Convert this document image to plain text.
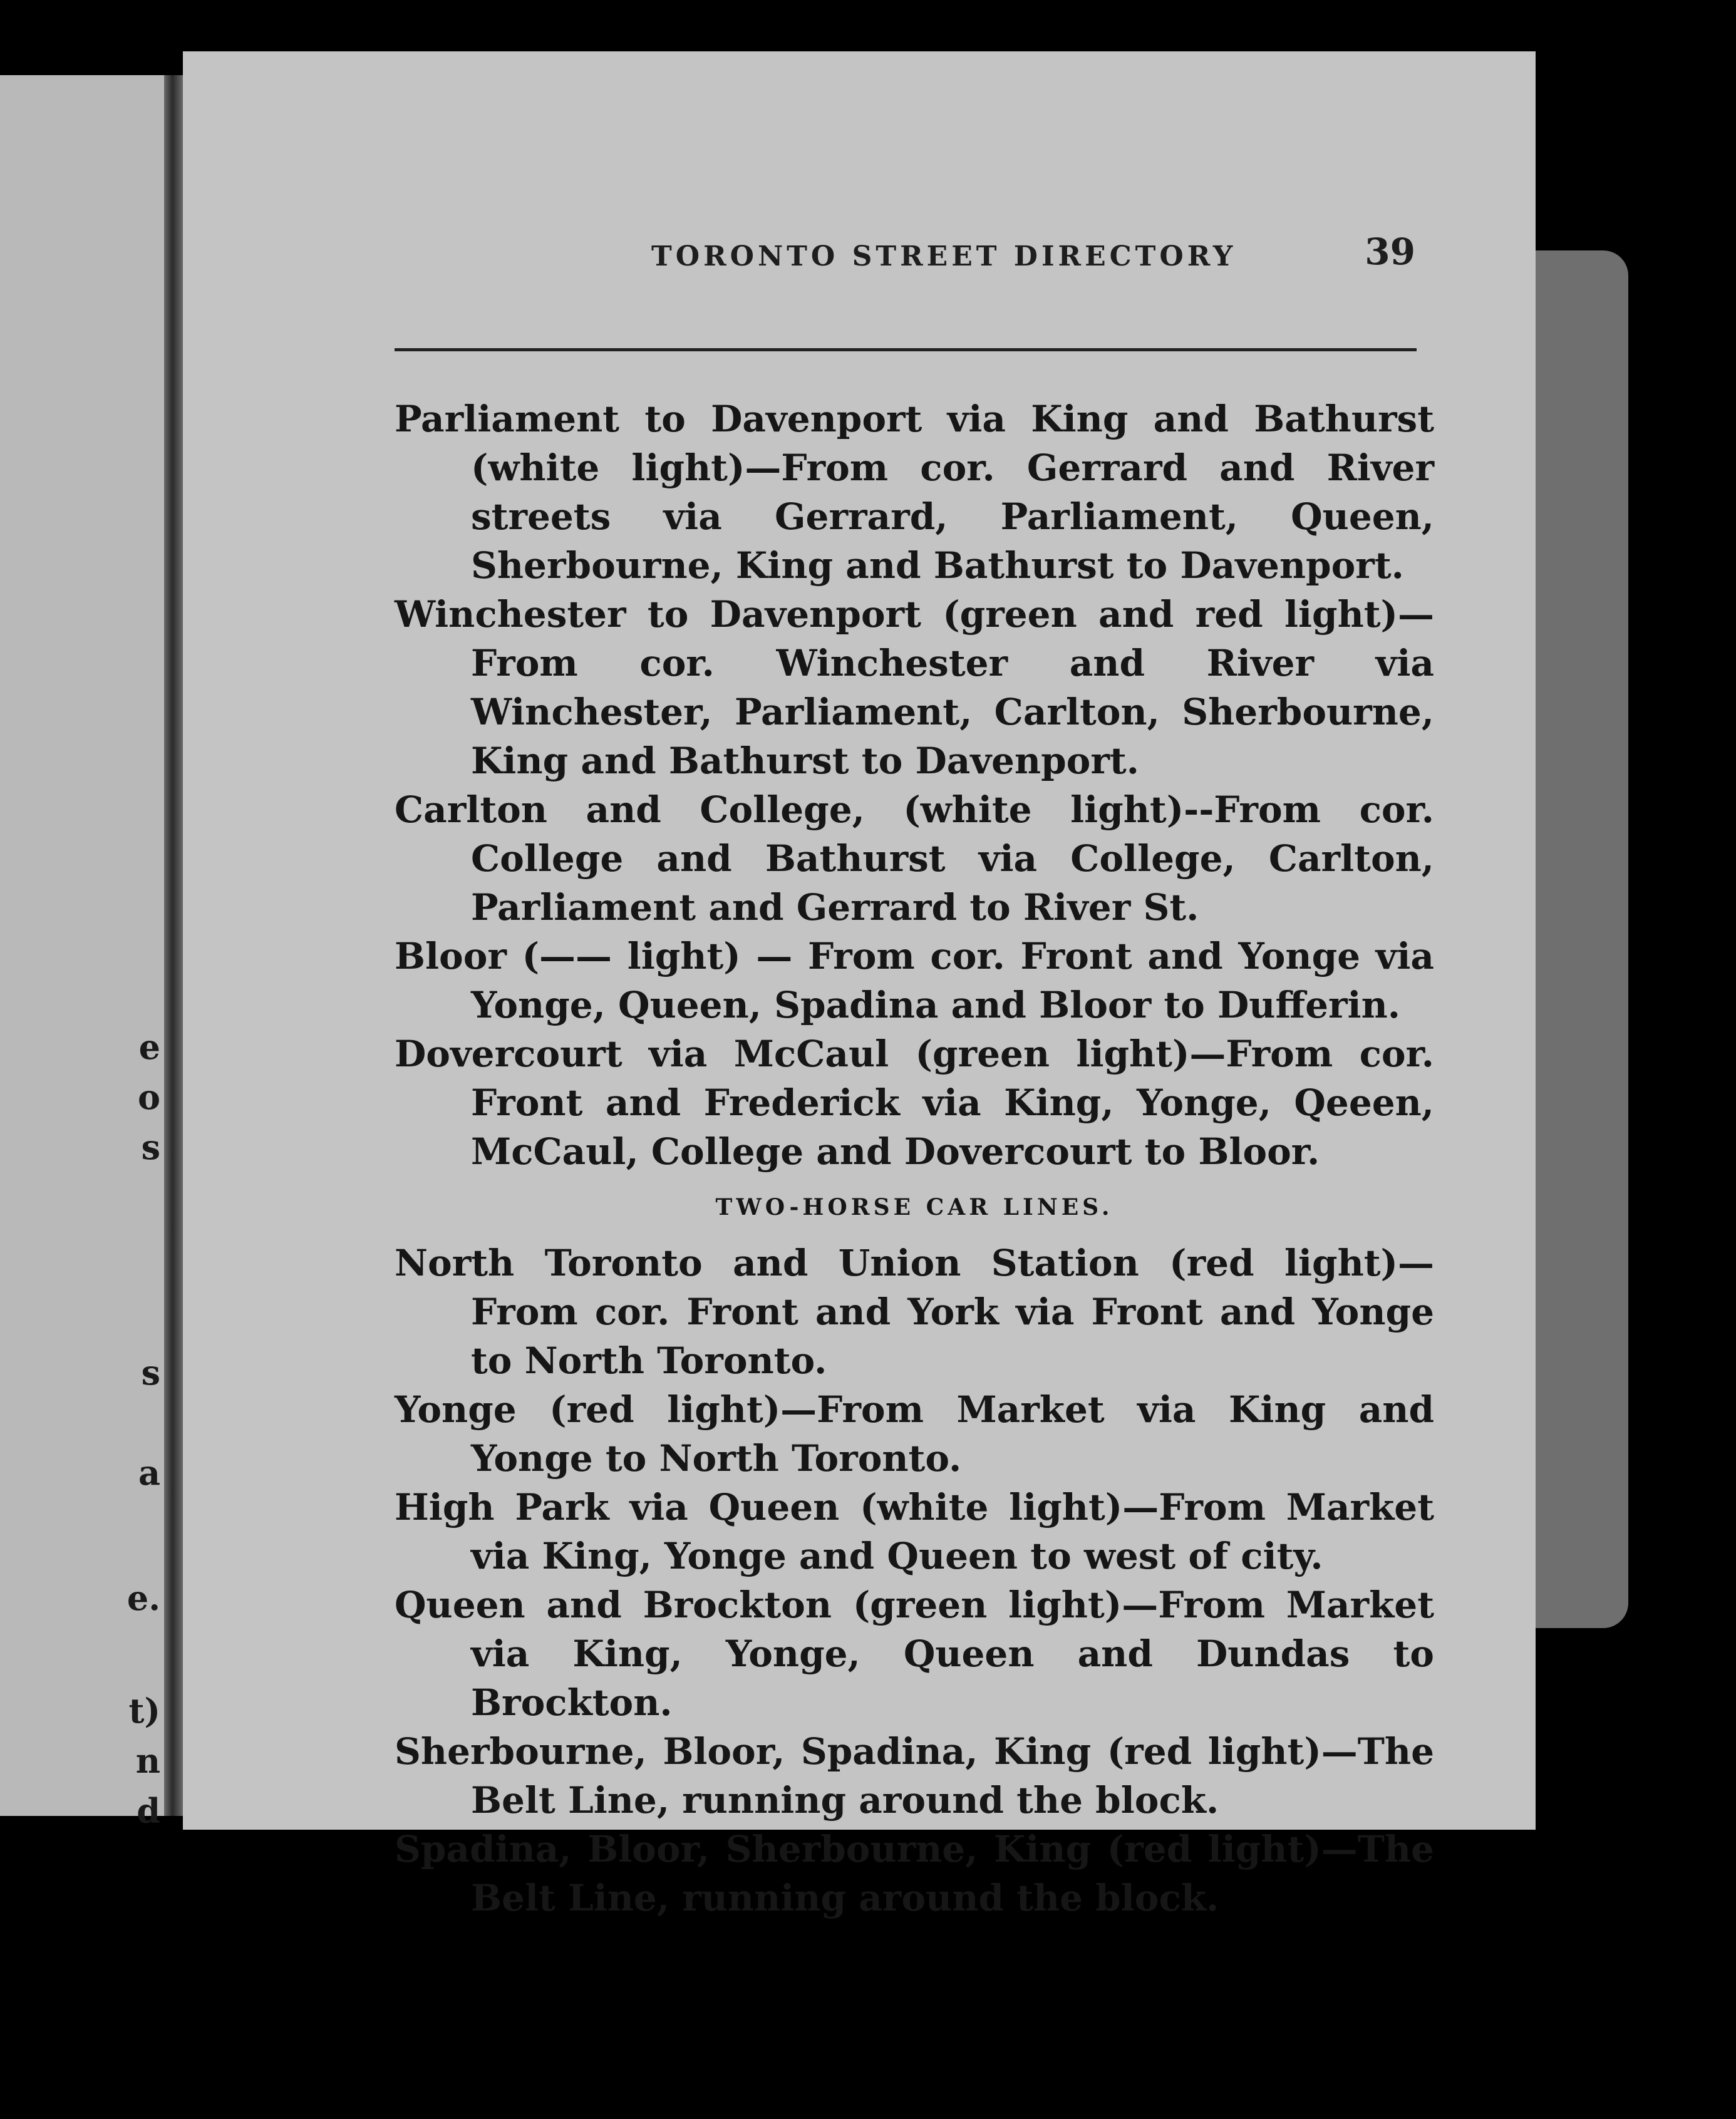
e
o
s
s
a
e.
t)
n
d
TORONTO STREET DIRECTORY	39

Parliament to Davenport via King and Bathurst (white light)—From cor. Gerrard and River streets via Gerrard, Parliament, Queen, Sherbourne, King and Bathurst to Davenport.

Winchester to Davenport (green and red light)—From cor. Winchester and River via Winchester, Parliament, Carlton, Sherbourne, King and Bathurst to Davenport.

Carlton and College, (white light)--From cor. College and Bathurst via College, Carlton, Parliament and Gerrard to River St.

Bloor (—— light) — From cor. Front and Yonge via Yonge, Queen, Spadina and Bloor to Dufferin.

Dovercourt via McCaul (green light)—From cor. Front and Frederick via King, Yonge, Qeeen, McCaul, College and Dovercourt to Bloor.

TWO-HORSE CAR LINES.

North Toronto and Union Station (red light)—From cor. Front and York via Front and Yonge to North Toronto.

Yonge (red light)—From Market via King and Yonge to North Toronto.

High Park via Queen (white light)—From Market via King, Yonge and Queen to west of city.

Queen and Brockton (green light)—From Market via King, Yonge, Queen and Dundas to Brockton.

Sherbourne, Bloor, Spadina, King (red light)—The Belt Line, running around the block.

Spadina, Bloor, Sherbourne, King (red light)—The Belt Line, running around the block.
